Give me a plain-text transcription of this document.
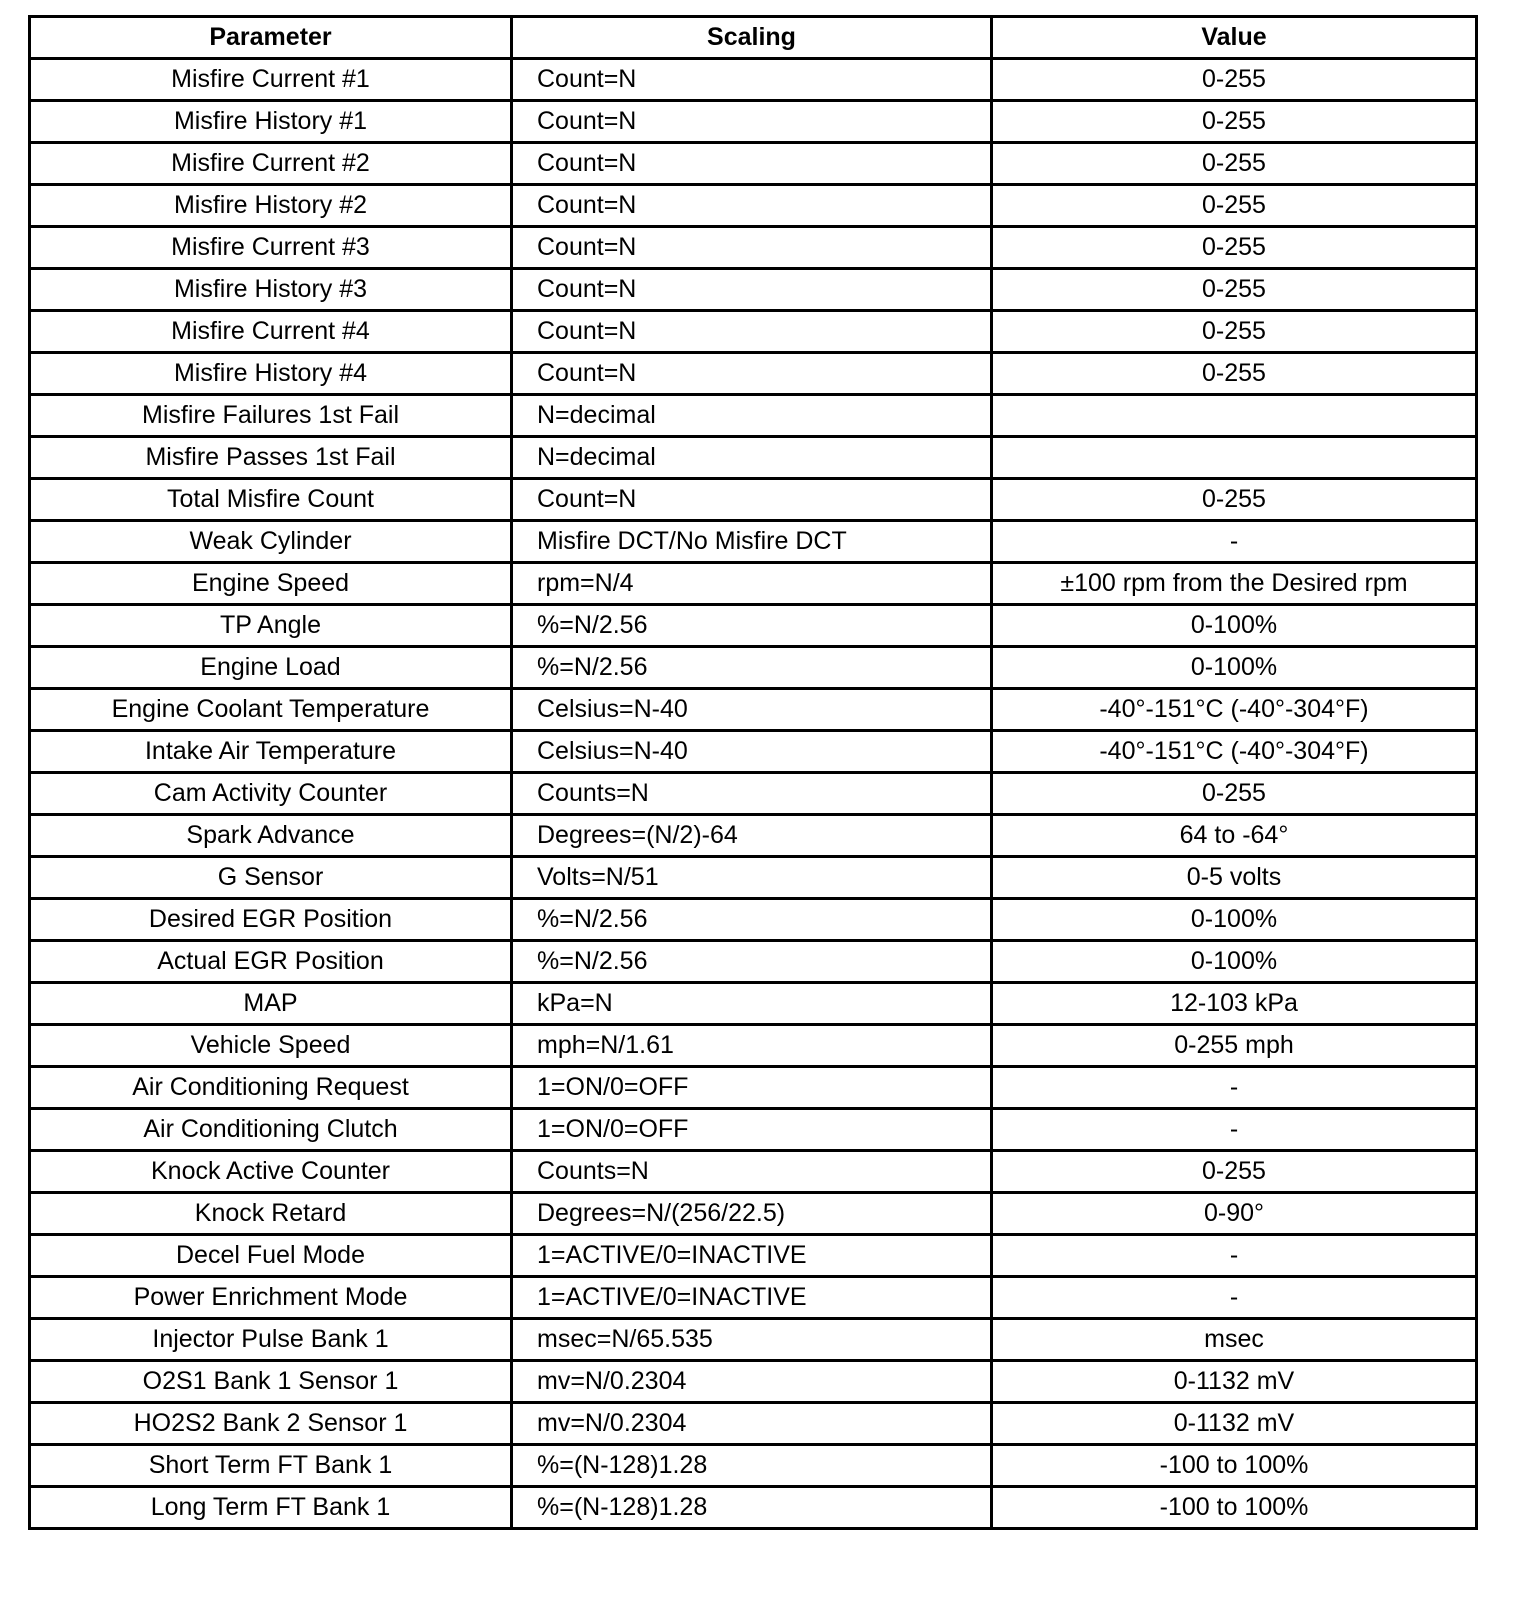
Parameter	Scaling	Value
Misfire Current #1	Count=N	0-255
Misfire History #1	Count=N	0-255
Misfire Current #2	Count=N	0-255
Misfire History #2	Count=N	0-255
Misfire Current #3	Count=N	0-255
Misfire History #3	Count=N	0-255
Misfire Current #4	Count=N	0-255
Misfire History #4	Count=N	0-255
Misfire Failures 1st Fail	N=decimal	
Misfire Passes 1st Fail	N=decimal	
Total Misfire Count	Count=N	0-255
Weak Cylinder	Misfire DCT/No Misfire DCT	-
Engine Speed	rpm=N/4	±100 rpm from the Desired rpm
TP Angle	%=N/2.56	0-100%
Engine Load	%=N/2.56	0-100%
Engine Coolant Temperature	Celsius=N-40	-40°-151°C (-40°-304°F)
Intake Air Temperature	Celsius=N-40	-40°-151°C (-40°-304°F)
Cam Activity Counter	Counts=N	0-255
Spark Advance	Degrees=(N/2)-64	64 to -64°
G Sensor	Volts=N/51	0-5 volts
Desired EGR Position	%=N/2.56	0-100%
Actual EGR Position	%=N/2.56	0-100%
MAP	kPa=N	12-103 kPa
Vehicle Speed	mph=N/1.61	0-255 mph
Air Conditioning Request	1=ON/0=OFF	-
Air Conditioning Clutch	1=ON/0=OFF	-
Knock Active Counter	Counts=N	0-255
Knock Retard	Degrees=N/(256/22.5)	0-90°
Decel Fuel Mode	1=ACTIVE/0=INACTIVE	-
Power Enrichment Mode	1=ACTIVE/0=INACTIVE	-
Injector Pulse Bank 1	msec=N/65.535	msec
O2S1 Bank 1 Sensor 1	mv=N/0.2304	0-1132 mV
HO2S2 Bank 2 Sensor 1	mv=N/0.2304	0-1132 mV
Short Term FT Bank 1	%=(N-128)1.28	-100 to 100%
Long Term FT Bank 1	%=(N-128)1.28	-100 to 100%
